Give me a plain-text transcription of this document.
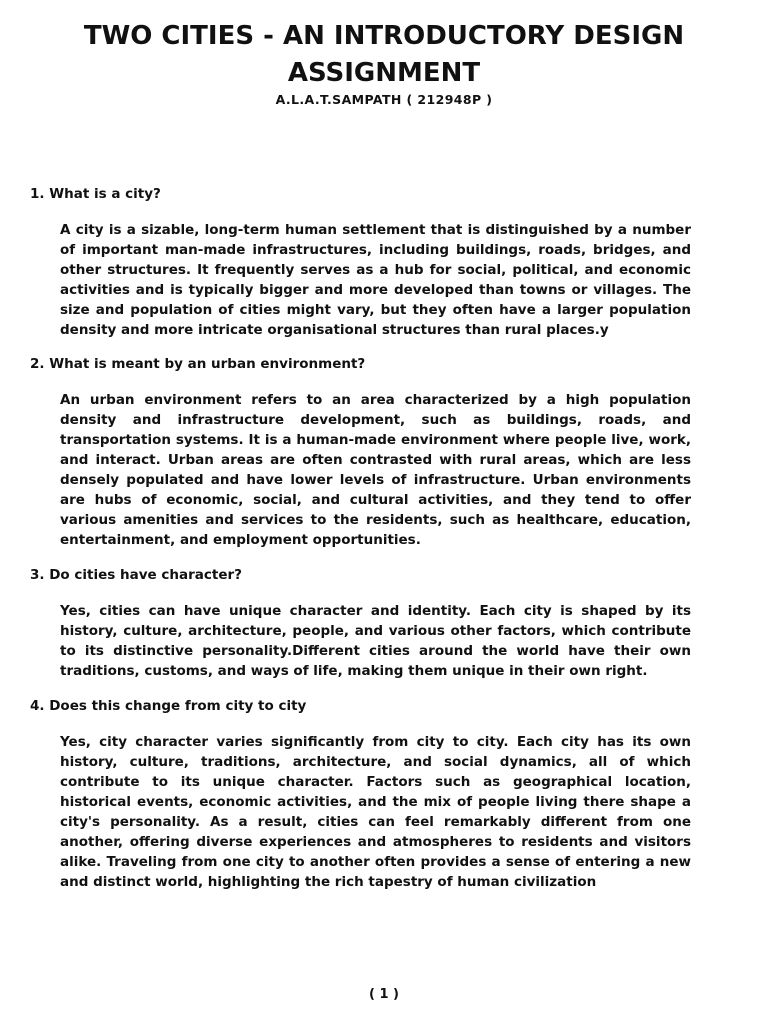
TWO CITIES - AN INTRODUCTORY DESIGN ASSIGNMENT

A.L.A.T.SAMPATH ( 212948P )

1. What is a city?

A city is a sizable, long-term human settlement that is distinguished by a number of important man-made infrastructures, including buildings, roads, bridges, and other structures. It frequently serves as a hub for social, political, and economic activities and is typically bigger and more developed than towns or villages. The size and population of cities might vary, but they often have a larger population density and more intricate organisational structures than rural places.y

2. What is meant by an urban environment?

An urban environment refers to an area characterized by a high population density and infrastructure development, such as buildings, roads, and transportation systems. It is a human-made environment where people live, work, and interact. Urban areas are often contrasted with rural areas, which are less densely populated and have lower levels of infrastructure. Urban environments are hubs of economic, social, and cultural activities, and they tend to offer various amenities and services to the residents, such as healthcare, education, entertainment, and employment opportunities.

3. Do cities have character?

Yes, cities can have unique character and identity. Each city is shaped by its history, culture, architecture, people, and various other factors, which contribute to its distinctive personality.Different cities around the world have their own traditions, customs, and ways of life, making them unique in their own right.

4. Does this change from city to city

Yes, city character varies significantly from city to city. Each city has its own history, culture, traditions, architecture, and social dynamics, all of which contribute to its unique character. Factors such as geographical location, historical events, economic activities, and the mix of people living there shape a city's personality. As a result, cities can feel remarkably different from one another, offering diverse experiences and atmospheres to residents and visitors alike. Traveling from one city to another often provides a sense of entering a new and distinct world, highlighting the rich tapestry of human civilization

( 1 )
